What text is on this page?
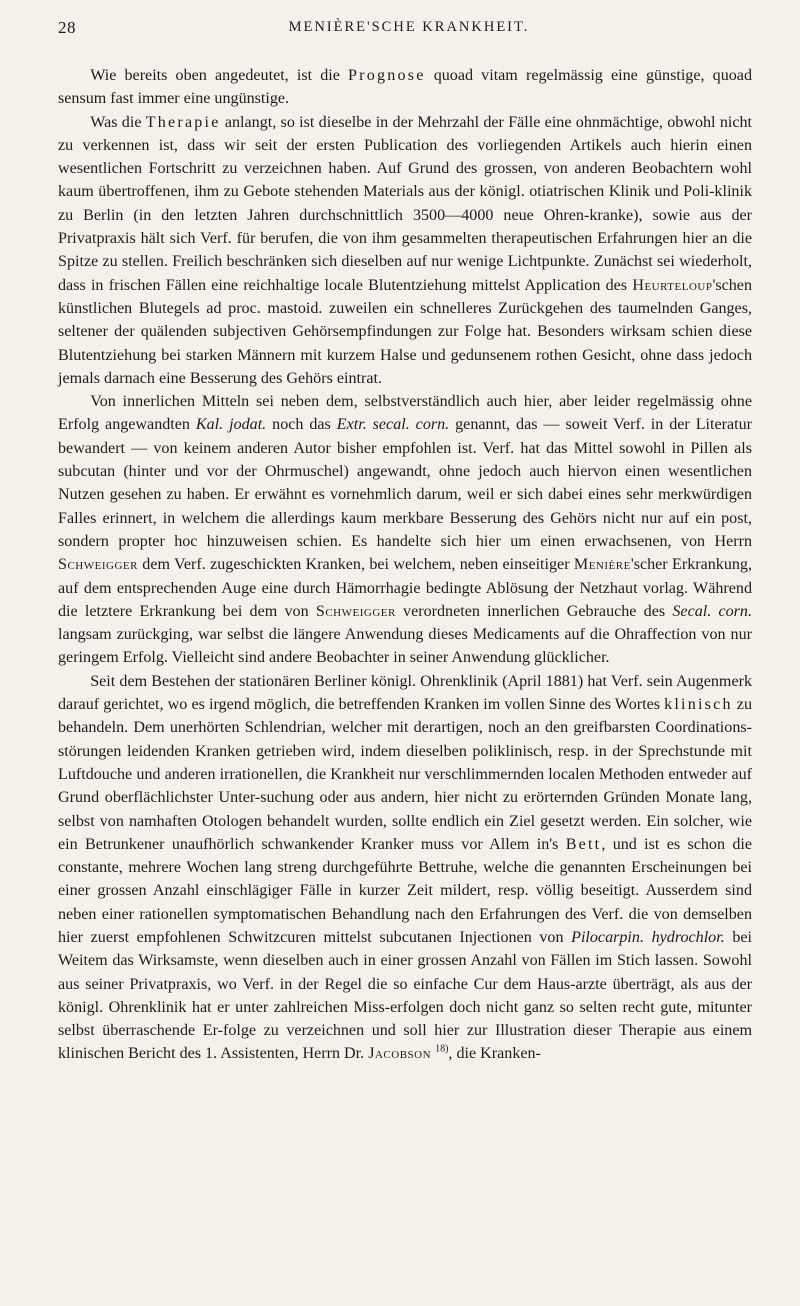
28	MENIÈRE'SCHE KRANKHEIT.

Wie bereits oben angedeutet, ist die Prognose quoad vitam regelmässig eine günstige, quoad sensum fast immer eine ungünstige.

Was die Therapie anlangt, so ist dieselbe in der Mehrzahl der Fälle eine ohnmächtige, obwohl nicht zu verkennen ist, dass wir seit der ersten Publication des vorliegenden Artikels auch hierin einen wesentlichen Fortschritt zu verzeichnen haben. Auf Grund des grossen, von anderen Beobachtern wohl kaum übertroffenen, ihm zu Gebote stehenden Materials aus der königl. otiatrischen Klinik und Poli-klinik zu Berlin (in den letzten Jahren durchschnittlich 3500—4000 neue Ohren-kranke), sowie aus der Privatpraxis hält sich Verf. für berufen, die von ihm gesammelten therapeutischen Erfahrungen hier an die Spitze zu stellen. Freilich beschränken sich dieselben auf nur wenige Lichtpunkte. Zunächst sei wiederholt, dass in frischen Fällen eine reichhaltige locale Blutentziehung mittelst Application des Heurteloup'schen künstlichen Blutegels ad proc. mastoid. zuweilen ein schnelleres Zurückgehen des taumelnden Ganges, seltener der quälenden subjectiven Gehörsempfindungen zur Folge hat. Besonders wirksam schien diese Blutentziehung bei starken Männern mit kurzem Halse und gedunsenem rothen Gesicht, ohne dass jedoch jemals darnach eine Besserung des Gehörs eintrat.

Von innerlichen Mitteln sei neben dem, selbstverständlich auch hier, aber leider regelmässig ohne Erfolg angewandten Kal. jodat. noch das Extr. secal. corn. genannt, das — soweit Verf. in der Literatur bewandert — von keinem anderen Autor bisher empfohlen ist. Verf. hat das Mittel sowohl in Pillen als subcutan (hinter und vor der Ohrmuschel) angewandt, ohne jedoch auch hiervon einen wesentlichen Nutzen gesehen zu haben. Er erwähnt es vornehmlich darum, weil er sich dabei eines sehr merkwürdigen Falles erinnert, in welchem die allerdings kaum merkbare Besserung des Gehörs nicht nur auf ein post, sondern propter hoc hinzuweisen schien. Es handelte sich hier um einen erwachsenen, von Herrn Schweigger dem Verf. zugeschickten Kranken, bei welchem, neben einseitiger Menière'scher Erkrankung, auf dem entsprechenden Auge eine durch Hämorrhagie bedingte Ablösung der Netzhaut vorlag. Während die letztere Erkrankung bei dem von Schweigger verordneten innerlichen Gebrauche des Secal. corn. langsam zurückging, war selbst die längere Anwendung dieses Medicaments auf die Ohraffection von nur geringem Erfolg. Vielleicht sind andere Beobachter in seiner Anwendung glücklicher.

Seit dem Bestehen der stationären Berliner königl. Ohrenklinik (April 1881) hat Verf. sein Augenmerk darauf gerichtet, wo es irgend möglich, die betreffenden Kranken im vollen Sinne des Wortes klinisch zu behandeln. Dem unerhörten Schlendrian, welcher mit derartigen, noch an den greifbarsten Coordinations-störungen leidenden Kranken getrieben wird, indem dieselben poliklinisch, resp. in der Sprechstunde mit Luftdouche und anderen irrationellen, die Krankheit nur verschlimmernden localen Methoden entweder auf Grund oberflächlichster Unter-suchung oder aus andern, hier nicht zu erörternden Gründen Monate lang, selbst von namhaften Otologen behandelt wurden, sollte endlich ein Ziel gesetzt werden. Ein solcher, wie ein Betrunkener unaufhörlich schwankender Kranker muss vor Allem in's Bett, und ist es schon die constante, mehrere Wochen lang streng durchgeführte Bettruhe, welche die genannten Erscheinungen bei einer grossen Anzahl einschlägiger Fälle in kurzer Zeit mildert, resp. völlig beseitigt. Ausserdem sind neben einer rationellen symptomatischen Behandlung nach den Erfahrungen des Verf. die von demselben hier zuerst empfohlenen Schwitzcuren mittelst subcutanen Injectionen von Pilocarpin. hydrochlor. bei Weitem das Wirksamste, wenn dieselben auch in einer grossen Anzahl von Fällen im Stich lassen. Sowohl aus seiner Privatpraxis, wo Verf. in der Regel die so einfache Cur dem Haus-arzte überträgt, als aus der königl. Ohrenklinik hat er unter zahlreichen Miss-erfolgen doch nicht ganz so selten recht gute, mitunter selbst überraschende Er-folge zu verzeichnen und soll hier zur Illustration dieser Therapie aus einem klinischen Bericht des 1. Assistenten, Herrn Dr. Jacobson $^{18)}$, die Kranken-
